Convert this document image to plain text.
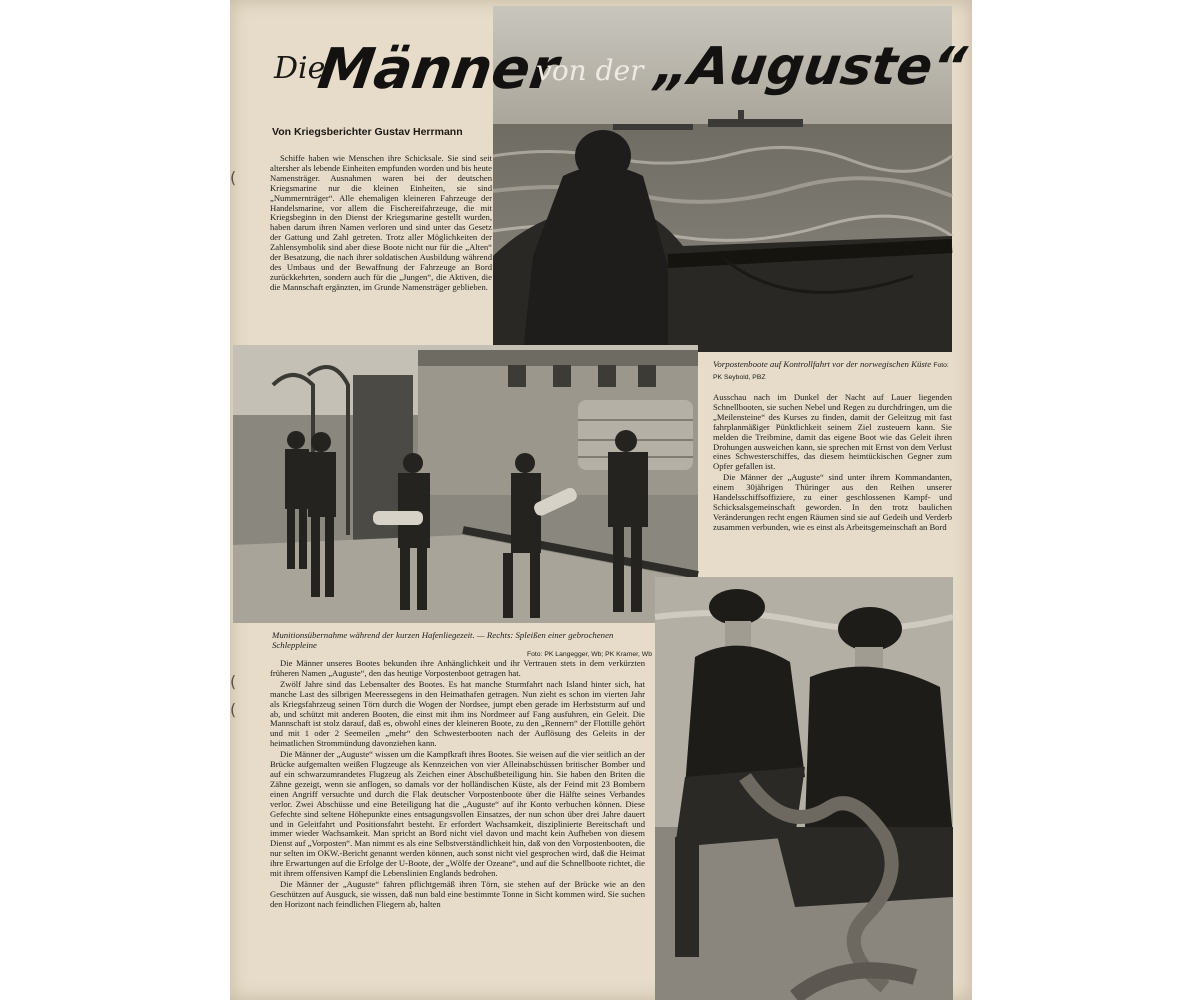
(
(
(
Die
Männer
von der „Auguste“
Von Kriegsberichter Gustav Herrmann

Schiffe haben wie Menschen ihre Schicksale. Sie sind seit altersher als lebende Einheiten empfunden worden und bis heute Namensträger. Ausnahmen waren bei der deutschen Kriegsmarine nur die kleinen Einheiten, sie sind „Nummernträger“. Alle ehemaligen kleineren Fahrzeuge der Handelsmarine, vor allem die Fischereifahrzeuge, die mit Kriegsbeginn in den Dienst der Kriegsmarine gestellt wurden, haben darum ihren Namen verloren und sind unter das Gesetz der Gattung und Zahl getreten. Trotz aller Möglichkeiten der Zahlensymbolik sind aber diese Boote nicht nur für die „Alten“ der Besatzung, die nach ihrer soldatischen Ausbildung während des Umbaus und der Bewaffnung der Fahrzeuge an Bord zurückkehrten, sondern auch für die „Jungen“, die Aktiven, die die Mannschaft ergänzten, im Grunde Namensträger geblieben.

Vorpostenboote auf Kontrollfahrt vor der norwegischen Küste Foto: PK Seybold, PBZ

Ausschau nach im Dunkel der Nacht auf Lauer liegenden Schnellbooten, sie suchen Nebel und Regen zu durchdringen, um die „Meilensteine“ des Kurses zu finden, damit der Geleitzug mit fast fahrplanmäßiger Pünktlichkeit seinem Ziel zusteuern kann. Sie melden die Treibmine, damit das eigene Boot wie das Geleit ihren Drohungen ausweichen kann, sie sprechen mit Ernst von dem Verlust eines Schwesterschiffes, das diesem heimtückischen Gegner zum Opfer gefallen ist.

Die Männer der „Auguste“ sind unter ihrem Kommandanten, einem 30jährigen Thüringer aus den Reihen unserer Handelsschiffsoffiziere, zu einer geschlossenen Kampf- und Schicksalsgemeinschaft geworden. In den trotz baulichen Veränderungen recht engen Räumen sind sie auf Gedeih und Verderb zusammen verbunden, wie es einst als Arbeitsgemeinschaft an Bord

Munitionsübernahme während der kurzen Hafenliegezeit. — Rechts: Spleißen einer gebrochenen Schleppleine

Foto: PK Langegger, Wb; PK Kramer, Wb

Die Männer unseres Bootes bekunden ihre Anhänglichkeit und ihr Vertrauen stets in dem verkürzten früheren Namen „Auguste“, den das heutige Vorpostenboot getragen hat.

Zwölf Jahre sind das Lebensalter des Bootes. Es hat manche Sturmfahrt nach Island hinter sich, hat manche Last des silbrigen Meeressegens in den Heimathafen getragen. Nun zieht es schon im vierten Jahr als Kriegsfahrzeug seinen Törn durch die Wogen der Nordsee, jumpt eben gerade im Herbststurm auf und ab, und schützt mit anderen Booten, die einst mit ihm ins Nordmeer auf Fang ausfuhren, ein Geleit. Die Mannschaft ist stolz darauf, daß es, obwohl eines der kleineren Boote, zu den „Rennern“ der Flottille gehört und mit 1 oder 2 Seemeilen „mehr“ den Schwesterbooten nach der Auflösung des Geleits in der heimatlichen Strommündung davonziehen kann.

Die Männer der „Auguste“ wissen um die Kampfkraft ihres Bootes. Sie weisen auf die vier seitlich an der Brücke aufgemalten weißen Flugzeuge als Kennzeichen von vier Alleinabschüssen britischer Bomber und auf ein schwarzumrandetes Flugzeug als Zeichen einer Abschußbeteiligung hin. Sie haben den Briten die Zähne gezeigt, wenn sie anflogen, so damals vor der holländischen Küste, als der Feind mit 23 Bombern einen Angriff versuchte und durch die Flak deutscher Vorpostenboote über die Hälfte seines Verbandes verlor. Zwei Abschüsse und eine Beteiligung hat die „Auguste“ auf ihr Konto verbuchen können. Diese Gefechte sind seltene Höhepunkte eines entsagungsvollen Einsatzes, der nun schon über drei Jahre dauert und in Geleitfahrt und Positionsfahrt besteht. Er erfordert Wachsamkeit, disziplinierte Bereitschaft und immer wieder Wachsamkeit. Man spricht an Bord nicht viel davon und macht kein Aufheben von diesem Dienst auf „Vorposten“. Man nimmt es als eine Selbstverständlichkeit hin, daß von den Vorpostenbooten, die nur selten im OKW.-Bericht genannt werden können, auch sonst nicht viel gesprochen wird, daß die Heimat ihre Erwartungen auf die Erfolge der U-Boote, der „Wölfe der Ozeane“, und auf die Schnellboote richtet, die mit ihrem offensiven Kampf die Lebenslinien Englands bedrohen.

Die Männer der „Auguste“ fahren pflichtgemäß ihren Törn, sie stehen auf der Brücke wie an den Geschützen auf Ausguck, sie wissen, daß nun bald eine bestimmte Tonne in Sicht kommen wird. Sie suchen den Horizont nach feindlichen Fliegern ab, halten
